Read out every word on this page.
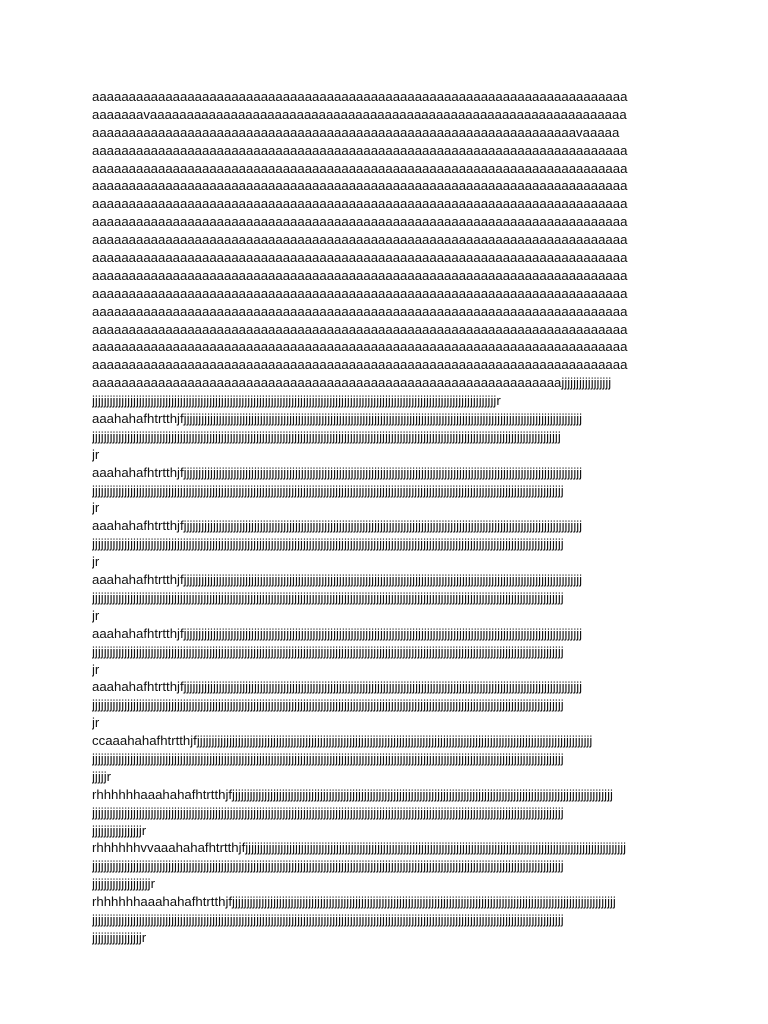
aaaaaaaaaaaaaaaaaaaaaaaaaaaaaaaaaaaaaaaaaaaaaaaaaaaaaaaaaaaaaaaaaaaaaaaaa
aaaaaaavaaaaaaaaaaaaaaaaaaaaaaaaaaaaaaaaaaaaaaaaaaaaaaaaaaaaaaaaaaaaaaaaa
aaaaaaaaaaaaaaaaaaaaaaaaaaaaaaaaaaaaaaaaaaaaaaaaaaaaaaaaaaaaaaaaaavaaaaa
aaaaaaaaaaaaaaaaaaaaaaaaaaaaaaaaaaaaaaaaaaaaaaaaaaaaaaaaaaaaaaaaaaaaaaaaa
aaaaaaaaaaaaaaaaaaaaaaaaaaaaaaaaaaaaaaaaaaaaaaaaaaaaaaaaaaaaaaaaaaaaaaaaa
aaaaaaaaaaaaaaaaaaaaaaaaaaaaaaaaaaaaaaaaaaaaaaaaaaaaaaaaaaaaaaaaaaaaaaaaa
aaaaaaaaaaaaaaaaaaaaaaaaaaaaaaaaaaaaaaaaaaaaaaaaaaaaaaaaaaaaaaaaaaaaaaaaa
aaaaaaaaaaaaaaaaaaaaaaaaaaaaaaaaaaaaaaaaaaaaaaaaaaaaaaaaaaaaaaaaaaaaaaaaa
aaaaaaaaaaaaaaaaaaaaaaaaaaaaaaaaaaaaaaaaaaaaaaaaaaaaaaaaaaaaaaaaaaaaaaaaa
aaaaaaaaaaaaaaaaaaaaaaaaaaaaaaaaaaaaaaaaaaaaaaaaaaaaaaaaaaaaaaaaaaaaaaaaa
aaaaaaaaaaaaaaaaaaaaaaaaaaaaaaaaaaaaaaaaaaaaaaaaaaaaaaaaaaaaaaaaaaaaaaaaa
aaaaaaaaaaaaaaaaaaaaaaaaaaaaaaaaaaaaaaaaaaaaaaaaaaaaaaaaaaaaaaaaaaaaaaaaa
aaaaaaaaaaaaaaaaaaaaaaaaaaaaaaaaaaaaaaaaaaaaaaaaaaaaaaaaaaaaaaaaaaaaaaaaa
aaaaaaaaaaaaaaaaaaaaaaaaaaaaaaaaaaaaaaaaaaaaaaaaaaaaaaaaaaaaaaaaaaaaaaaaa
aaaaaaaaaaaaaaaaaaaaaaaaaaaaaaaaaaaaaaaaaaaaaaaaaaaaaaaaaaaaaaaaaaaaaaaaa
aaaaaaaaaaaaaaaaaaaaaaaaaaaaaaaaaaaaaaaaaaaaaaaaaaaaaaaaaaaaaaaaaaaaaaaaa
aaaaaaaaaaaaaaaaaaaaaaaaaaaaaaaaaaaaaaaaaaaaaaaaaaaaaaaaaaaaaaaajjjjjjjjjjjjjjjjj
jjjjjjjjjjjjjjjjjjjjjjjjjjjjjjjjjjjjjjjjjjjjjjjjjjjjjjjjjjjjjjjjjjjjjjjjjjjjjjjjjjjjjjjjjjjjjjjjjjjjjjjjjjjjjjjjjjjjjjjjjjjjjjjjjjjjjjjjjjr
aaahahafhtrtthjfjjjjjjjjjjjjjjjjjjjjjjjjjjjjjjjjjjjjjjjjjjjjjjjjjjjjjjjjjjjjjjjjjjjjjjjjjjjjjjjjjjjjjjjjjjjjjjjjjjjjjjjjjjjjjjjjjjjjjjjjjjjjjjjjjjjjjjjj
jjjjjjjjjjjjjjjjjjjjjjjjjjjjjjjjjjjjjjjjjjjjjjjjjjjjjjjjjjjjjjjjjjjjjjjjjjjjjjjjjjjjjjjjjjjjjjjjjjjjjjjjjjjjjjjjjjjjjjjjjjjjjjjjjjjjjjjjjjjjjjjjjjjjjjjjjjjjjjjj
jr
aaahahafhtrtthjfjjjjjjjjjjjjjjjjjjjjjjjjjjjjjjjjjjjjjjjjjjjjjjjjjjjjjjjjjjjjjjjjjjjjjjjjjjjjjjjjjjjjjjjjjjjjjjjjjjjjjjjjjjjjjjjjjjjjjjjjjjjjjjjjjjjjjjjj
jjjjjjjjjjjjjjjjjjjjjjjjjjjjjjjjjjjjjjjjjjjjjjjjjjjjjjjjjjjjjjjjjjjjjjjjjjjjjjjjjjjjjjjjjjjjjjjjjjjjjjjjjjjjjjjjjjjjjjjjjjjjjjjjjjjjjjjjjjjjjjjjjjjjjjjjjjjjjjjjj
jr
aaahahafhtrtthjfjjjjjjjjjjjjjjjjjjjjjjjjjjjjjjjjjjjjjjjjjjjjjjjjjjjjjjjjjjjjjjjjjjjjjjjjjjjjjjjjjjjjjjjjjjjjjjjjjjjjjjjjjjjjjjjjjjjjjjjjjjjjjjjjjjjjjjjj
jjjjjjjjjjjjjjjjjjjjjjjjjjjjjjjjjjjjjjjjjjjjjjjjjjjjjjjjjjjjjjjjjjjjjjjjjjjjjjjjjjjjjjjjjjjjjjjjjjjjjjjjjjjjjjjjjjjjjjjjjjjjjjjjjjjjjjjjjjjjjjjjjjjjjjjjjjjjjjjjj
jr
aaahahafhtrtthjfjjjjjjjjjjjjjjjjjjjjjjjjjjjjjjjjjjjjjjjjjjjjjjjjjjjjjjjjjjjjjjjjjjjjjjjjjjjjjjjjjjjjjjjjjjjjjjjjjjjjjjjjjjjjjjjjjjjjjjjjjjjjjjjjjjjjjjjj
jjjjjjjjjjjjjjjjjjjjjjjjjjjjjjjjjjjjjjjjjjjjjjjjjjjjjjjjjjjjjjjjjjjjjjjjjjjjjjjjjjjjjjjjjjjjjjjjjjjjjjjjjjjjjjjjjjjjjjjjjjjjjjjjjjjjjjjjjjjjjjjjjjjjjjjjjjjjjjjjj
jr
aaahahafhtrtthjfjjjjjjjjjjjjjjjjjjjjjjjjjjjjjjjjjjjjjjjjjjjjjjjjjjjjjjjjjjjjjjjjjjjjjjjjjjjjjjjjjjjjjjjjjjjjjjjjjjjjjjjjjjjjjjjjjjjjjjjjjjjjjjjjjjjjjjjj
jjjjjjjjjjjjjjjjjjjjjjjjjjjjjjjjjjjjjjjjjjjjjjjjjjjjjjjjjjjjjjjjjjjjjjjjjjjjjjjjjjjjjjjjjjjjjjjjjjjjjjjjjjjjjjjjjjjjjjjjjjjjjjjjjjjjjjjjjjjjjjjjjjjjjjjjjjjjjjjjj
jr
aaahahafhtrtthjfjjjjjjjjjjjjjjjjjjjjjjjjjjjjjjjjjjjjjjjjjjjjjjjjjjjjjjjjjjjjjjjjjjjjjjjjjjjjjjjjjjjjjjjjjjjjjjjjjjjjjjjjjjjjjjjjjjjjjjjjjjjjjjjjjjjjjjjj
jjjjjjjjjjjjjjjjjjjjjjjjjjjjjjjjjjjjjjjjjjjjjjjjjjjjjjjjjjjjjjjjjjjjjjjjjjjjjjjjjjjjjjjjjjjjjjjjjjjjjjjjjjjjjjjjjjjjjjjjjjjjjjjjjjjjjjjjjjjjjjjjjjjjjjjjjjjjjjjjj
jr
ccaaahahafhtrtthjfjjjjjjjjjjjjjjjjjjjjjjjjjjjjjjjjjjjjjjjjjjjjjjjjjjjjjjjjjjjjjjjjjjjjjjjjjjjjjjjjjjjjjjjjjjjjjjjjjjjjjjjjjjjjjjjjjjjjjjjjjjjjjjjjjjjjjjj
jjjjjjjjjjjjjjjjjjjjjjjjjjjjjjjjjjjjjjjjjjjjjjjjjjjjjjjjjjjjjjjjjjjjjjjjjjjjjjjjjjjjjjjjjjjjjjjjjjjjjjjjjjjjjjjjjjjjjjjjjjjjjjjjjjjjjjjjjjjjjjjjjjjjjjjjjjjjjjjjj
jjjjjr
rhhhhhhaaahahafhtrtthjfjjjjjjjjjjjjjjjjjjjjjjjjjjjjjjjjjjjjjjjjjjjjjjjjjjjjjjjjjjjjjjjjjjjjjjjjjjjjjjjjjjjjjjjjjjjjjjjjjjjjjjjjjjjjjjjjjjjjjjjjjjjjjjjjjj
jjjjjjjjjjjjjjjjjjjjjjjjjjjjjjjjjjjjjjjjjjjjjjjjjjjjjjjjjjjjjjjjjjjjjjjjjjjjjjjjjjjjjjjjjjjjjjjjjjjjjjjjjjjjjjjjjjjjjjjjjjjjjjjjjjjjjjjjjjjjjjjjjjjjjjjjjjjjjjjjj
jjjjjjjjjjjjjjjjjr
rhhhhhhvvaaahahafhtrtthjfjjjjjjjjjjjjjjjjjjjjjjjjjjjjjjjjjjjjjjjjjjjjjjjjjjjjjjjjjjjjjjjjjjjjjjjjjjjjjjjjjjjjjjjjjjjjjjjjjjjjjjjjjjjjjjjjjjjjjjjjjjjjjjjjjj
jjjjjjjjjjjjjjjjjjjjjjjjjjjjjjjjjjjjjjjjjjjjjjjjjjjjjjjjjjjjjjjjjjjjjjjjjjjjjjjjjjjjjjjjjjjjjjjjjjjjjjjjjjjjjjjjjjjjjjjjjjjjjjjjjjjjjjjjjjjjjjjjjjjjjjjjjjjjjjjjj
jjjjjjjjjjjjjjjjjjjjr
rhhhhhhaaahahafhtrtthjfjjjjjjjjjjjjjjjjjjjjjjjjjjjjjjjjjjjjjjjjjjjjjjjjjjjjjjjjjjjjjjjjjjjjjjjjjjjjjjjjjjjjjjjjjjjjjjjjjjjjjjjjjjjjjjjjjjjjjjjjjjjjjjjjjjj
jjjjjjjjjjjjjjjjjjjjjjjjjjjjjjjjjjjjjjjjjjjjjjjjjjjjjjjjjjjjjjjjjjjjjjjjjjjjjjjjjjjjjjjjjjjjjjjjjjjjjjjjjjjjjjjjjjjjjjjjjjjjjjjjjjjjjjjjjjjjjjjjjjjjjjjjjjjjjjjjj
jjjjjjjjjjjjjjjjjr
